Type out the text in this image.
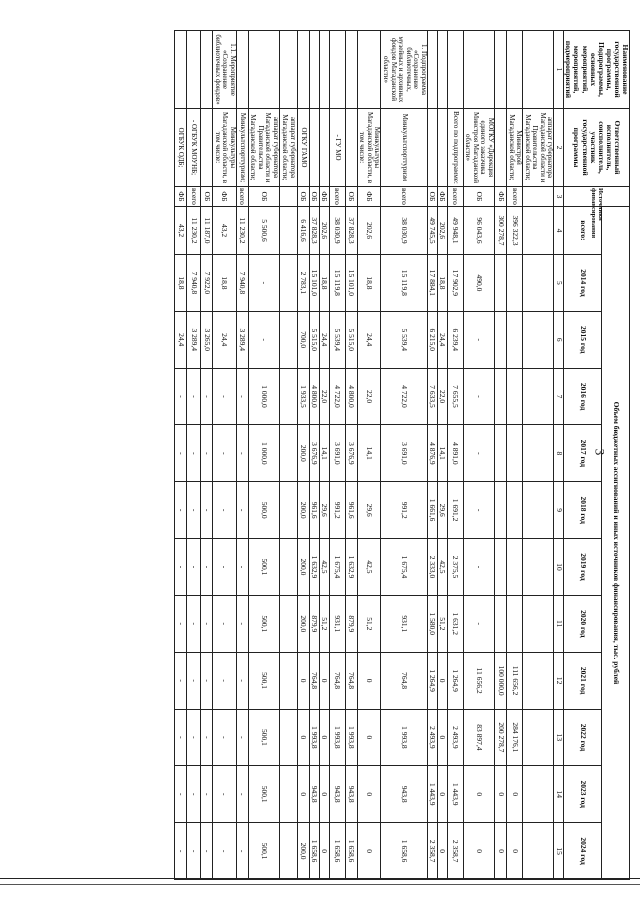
3
Наименование государственной программы, Подпрограммы, основных мероприятий, мероприятий, подмероприятий	Ответственный исполнитель, соисполнитель, участник государственной программы	Источники финансирования	Объем бюджетных ассигнований и иных источников финансирования, тыс. рублей											
			всего:	2014 год	2015 год	2016 год	2017 год	2018 год	2019 год	2020 год	2021 год	2022 год	2023 год	2024 год
1	2	3	4	5	6	7	8	9	10	11	12	13	14	15
	аппарат губернатора Магаданской области и Правительства Магаданской области;													
	Министрой Магаданской области;	всего	396 322,3								111 656,2	284 176,1	0	0
		ФБ	300 278,7								100 000,0	200 278,7	0	0
	МОГКУ «Дирекция единого заказчика Минстроя Магаданской области»	ОБ	96 043,6	490,0	-	-	-	-	-	-	11 656,2	83 897,4	0	0
	Всего по подпрограмме:	всего	49 948,1	17 902,9	6 239,4	7 655,5	4 891,0	1 691,2	2 375,5	1 631,2	1 264,9	2 493,9	1 443,9	2 358,7
		ФБ	202,6	18,8	24,4	22,0	14,1	29,6	42,5	51,2	0	0	0	0
		ОБ	49 745,5	17 884,1	6 215,0	7 633,5	4 876,9	1 661,6	2 333,0	1 580,0	1 264,9	2 493,9	1 443,9	2 358,7
1. Подпрограмма «Сохранение библиотечных, музейных и архивных фондов Магаданской области»	Минкультспорттуризм	всего	38 030,9	15 119,8	5 539,4	4 722,0	3 691,0	991,2	1 675,4	931,1	764,8	1 993,8	943,8	1 658,6
	Минкультуры Магаданской области, в том числе:	ФБ	202,6	18,8	24,4	22,0	14,1	29,6	42,5	51,2	0	0	0	0
		ОБ	37 828,3	15 101,0	5 515,0	4 800,0	3 676,9	961,6	1 632,9	879,9	764,8	1 993,8	943,8	1 658,6
	- ГУ МО	всего	38 030,9	15 119,8	5 539,4	4 722,0	3 691,0	991,2	1 675,4	931,1	764,8	1 993,8	943,8	1 658,6
		ФБ	202,6	18,8	24,4	22,0	14,1	29,6	42,5	51,2	0	0	0	0
		ОБ	37 828,3	15 101,0	5 515,0	4 800,0	3 676,9	961,6	1 632,9	879,9	764,8	1 993,8	943,8	1 658,6
	ОГКУ ГАМО	ОБ	6 416,6	2 783,1	700,0	1 933,5	200,0	200,0	200,0	200,0	0	0	0	200,0
	аппарат губернатора Магаданской области;													
	аппарат губернатора Магаданской области и Правительства Магаданской области;	ОБ	5 500,6	-	-	1 000,0	1 000,0	500,0	500,1	500,1	500,1	500,1	500,1	500,1
	Минкультспорттуризм;	всего	11 230,2	7 940,8	3 289,4	-	-	-	-	-	-	-	-	-
1.1. Мероприятие «Сохранение библиотечных фондов»	Минкультуры Магаданской области, в том числе:	ФБ	43,2	18,8	24,4	-	-	-	-	-	-	-	-	-
		ОБ	11 187,0	7 922,0	3 265,0	-	-	-	-	-	-	-	-	-
	- ОГБУК МОУНБ;	всего	11 230,2	7 940,8	3 289,4	-	-	-	-	-	-	-	-	-
	ОГБУК ОДБ;	ФБ	43,2	18,8	24,4	-	-	-	-	-	-	-	-	-
